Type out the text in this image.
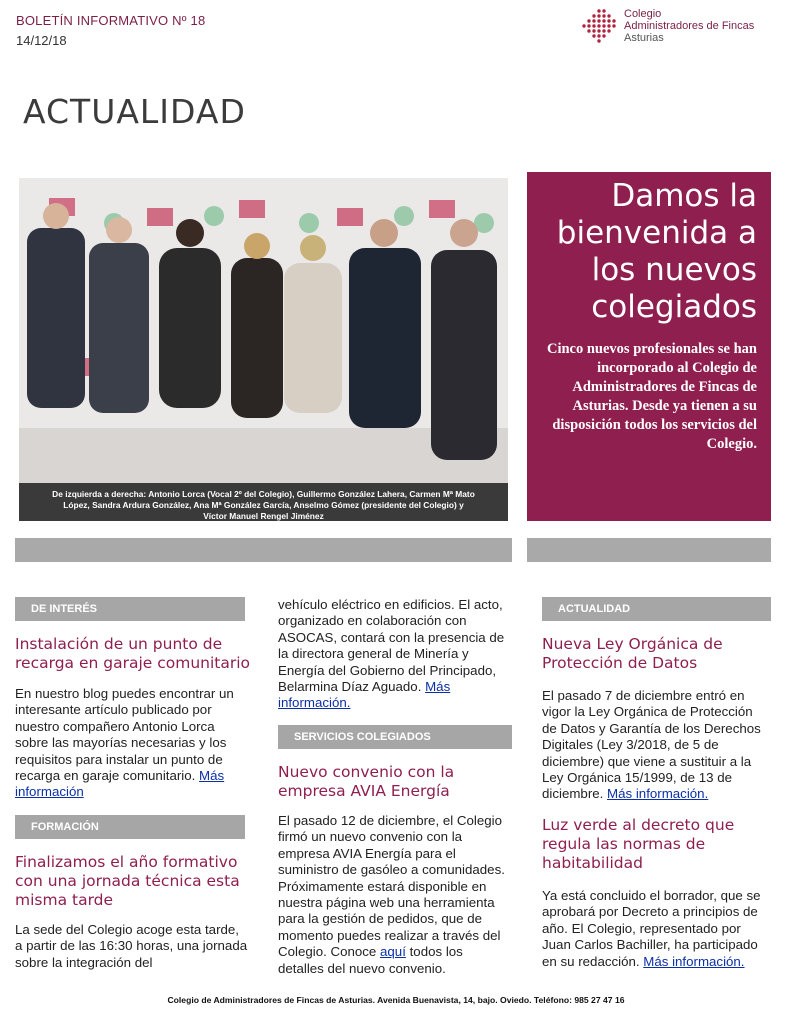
BOLETÍN INFORMATIVO Nº 18
14/12/18
Colegio
Administradores de Fincas
Asturias
ACTUALIDAD
De izquierda a derecha: Antonio Lorca (Vocal 2º del Colegio), Guillermo González Lahera, Carmen Mª Mato
López, Sandra Ardura González, Ana Mª González García, Anselmo Gómez (presidente del Colegio) y
Víctor Manuel Rengel Jiménez
Damos la bienvenida a los nuevos colegiados

Cinco nuevos profesionales se han incorporado al Colegio de Administradores de Fincas de Asturias. Desde ya tienen a su disposición todos los servicios del Colegio.

DE INTERÉS
Instalación de un punto de recarga en garaje comunitario
En nuestro blog puedes encontrar un interesante artículo publicado por nuestro compañero Antonio Lorca sobre las mayorías necesarias y los requisitos para instalar un punto de recarga en garaje comunitario. Más información
FORMACIÓN
Finalizamos el año formativo con una jornada técnica esta misma tarde
La sede del Colegio acoge esta tarde, a partir de las 16:30 horas, una jornada sobre la integración del
vehículo eléctrico en edificios. El acto, organizado en colaboración con ASOCAS, contará con la presencia de la directora general de Minería y Energía del Gobierno del Principado, Belarmina Díaz Aguado. Más información.
SERVICIOS COLEGIADOS
Nuevo convenio con la empresa AVIA Energía
El pasado 12 de diciembre, el Colegio firmó un nuevo convenio con la empresa AVIA Energía para el suministro de gasóleo a comunidades. Próximamente estará disponible en nuestra página web una herramienta para la gestión de pedidos, que de momento puedes realizar a través del Colegio. Conoce aquí todos los detalles del nuevo convenio.
ACTUALIDAD
Nueva Ley Orgánica de Protección de Datos
El pasado 7 de diciembre entró en vigor la Ley Orgánica de Protección de Datos y Garantía de los Derechos Digitales (Ley 3/2018, de 5 de diciembre) que viene a sustituir a la Ley Orgánica 15/1999, de 13 de diciembre. Más información.
Luz verde al decreto que regula las normas de habitabilidad
Ya está concluido el borrador, que se aprobará por Decreto a principios de año. El Colegio, representado por Juan Carlos Bachiller, ha participado en su redacción. Más información.
Colegio de Administradores de Fincas de Asturias. Avenida Buenavista, 14, bajo. Oviedo. Teléfono: 985 27 47 16
